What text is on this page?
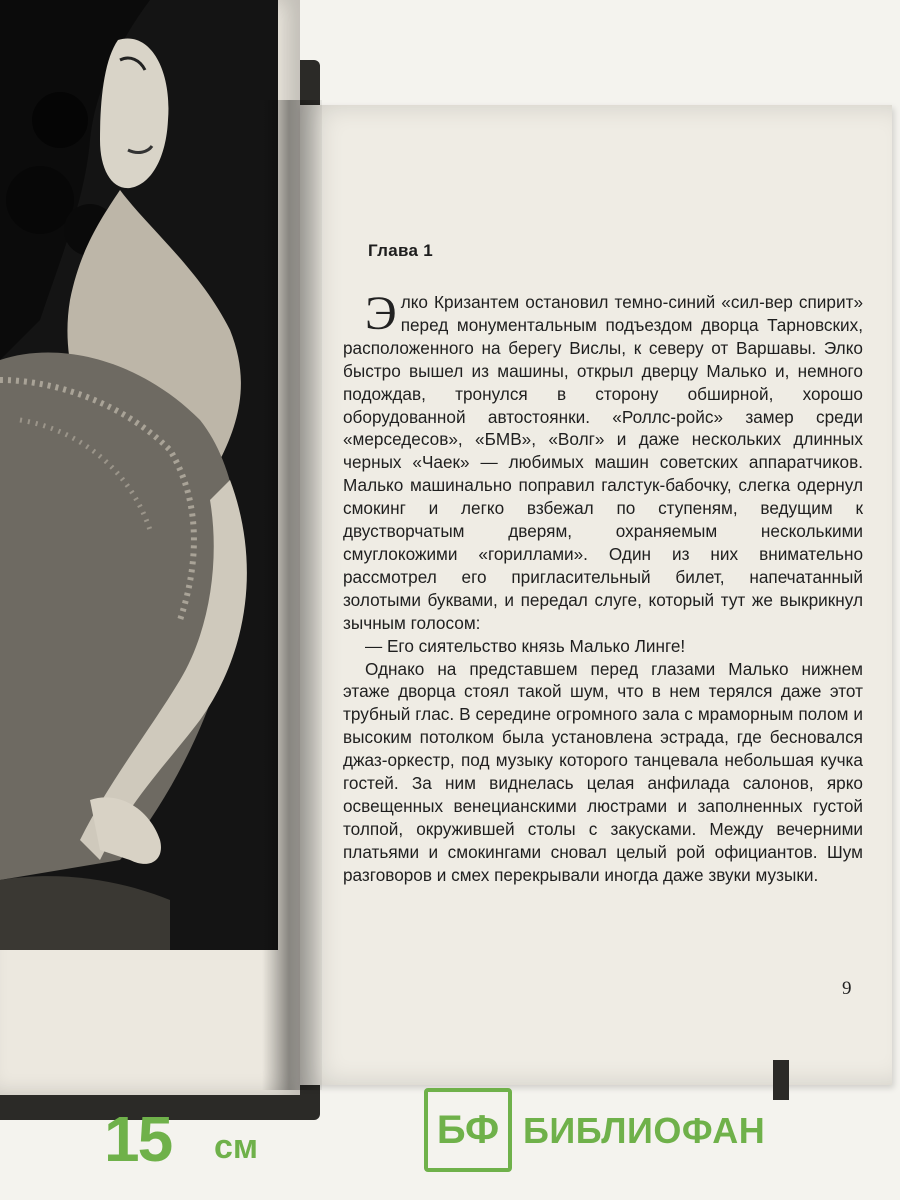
Глава 1

Элко Кризантем остановил темно-синий «сил-вер спирит» перед монументальным подъездом дворца Тарновских, расположенного на берегу Вислы, к северу от Варшавы. Элко быстро вышел из машины, открыл дверцу Малько и, немного подождав, тронулся в сторону обширной, хорошо оборудованной автостоянки. «Роллс-ройс» замер среди «мерседесов», «БМВ», «Волг» и даже нескольких длинных черных «Чаек» — любимых машин советских аппаратчиков. Малько машинально поправил галстук-бабочку, слегка одернул смокинг и легко взбежал по ступеням, ведущим к двустворчатым дверям, охраняемым несколькими смуглокожими «гориллами». Один из них внимательно рассмотрел его пригласительный билет, напечатанный золотыми буквами, и передал слуге, который тут же выкрикнул зычным голосом:

— Его сиятельство князь Малько Линге!

Однако на представшем перед глазами Малько нижнем этаже дворца стоял такой шум, что в нем терялся даже этот трубный глас. В середине огромного зала с мраморным полом и высоким потолком была установлена эстрада, где бесновался джаз-оркестр, под музыку которого танцевала небольшая кучка гостей. За ним виднелась целая анфилада салонов, ярко освещенных венецианскими люстрами и заполненных густой толпой, окружившей столы с закусками. Между вечерними платьями и смокингами сновал целый рой официантов. Шум разговоров и смех перекрывали иногда даже звуки музыки.

9
15 см	БФ БИБЛИОФАН
